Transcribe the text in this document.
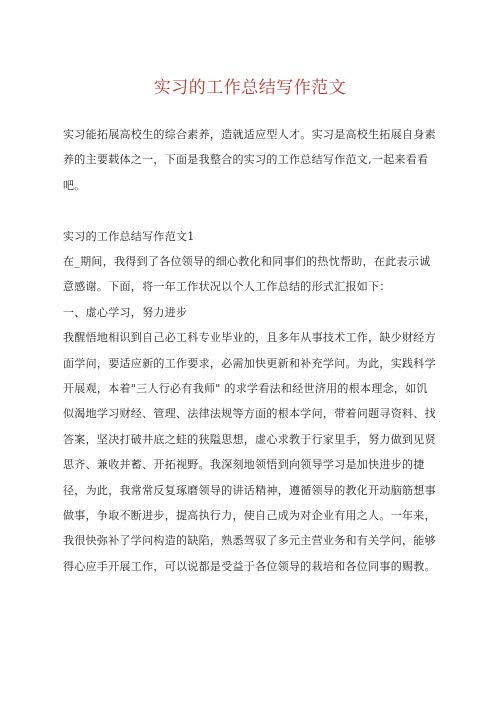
实习的工作总结写作范文

实习能拓展高校生的综合素养，造就适应型人才。实习是高校生拓展自身素养的主要载体之一，下面是我整合的实习的工作总结写作范文,一起来看看吧。

实习的工作总结写作范文1

在_期间，我得到了各位领导的细心教化和同事们的热忱帮助，在此表示诚意感谢。下面，将一年工作状况以个人工作总结的形式汇报如下：

一、虚心学习，努力进步

我醒悟地相识到自己必工科专业毕业的，且多年从事技术工作，缺少财经方面学问，要适应新的工作要求，必需加快更新和补充学问。为此，实践科学开展观，本着"三人行必有我师" 的求学看法和经世济用的根本理念，如饥似渴地学习财经、管理、法律法规等方面的根本学问，带着问题寻资料、找答案，坚决打破井底之蛙的狭隘思想，虚心求教于行家里手，努力做到见贤思齐、兼收并蓄、开拓视野。我深刻地领悟到向领导学习是加快进步的捷径，为此，我常常反复琢磨领导的讲话精神，遵循领导的教化开动脑筋想事做事，争取不断进步，提高执行力，使自己成为对企业有用之人。一年来，我很快弥补了学问构造的缺陷，熟悉驾驭了多元主营业务和有关学问，能够得心应手开展工作，可以说都是受益于各位领导的栽培和各位同事的赐教。
